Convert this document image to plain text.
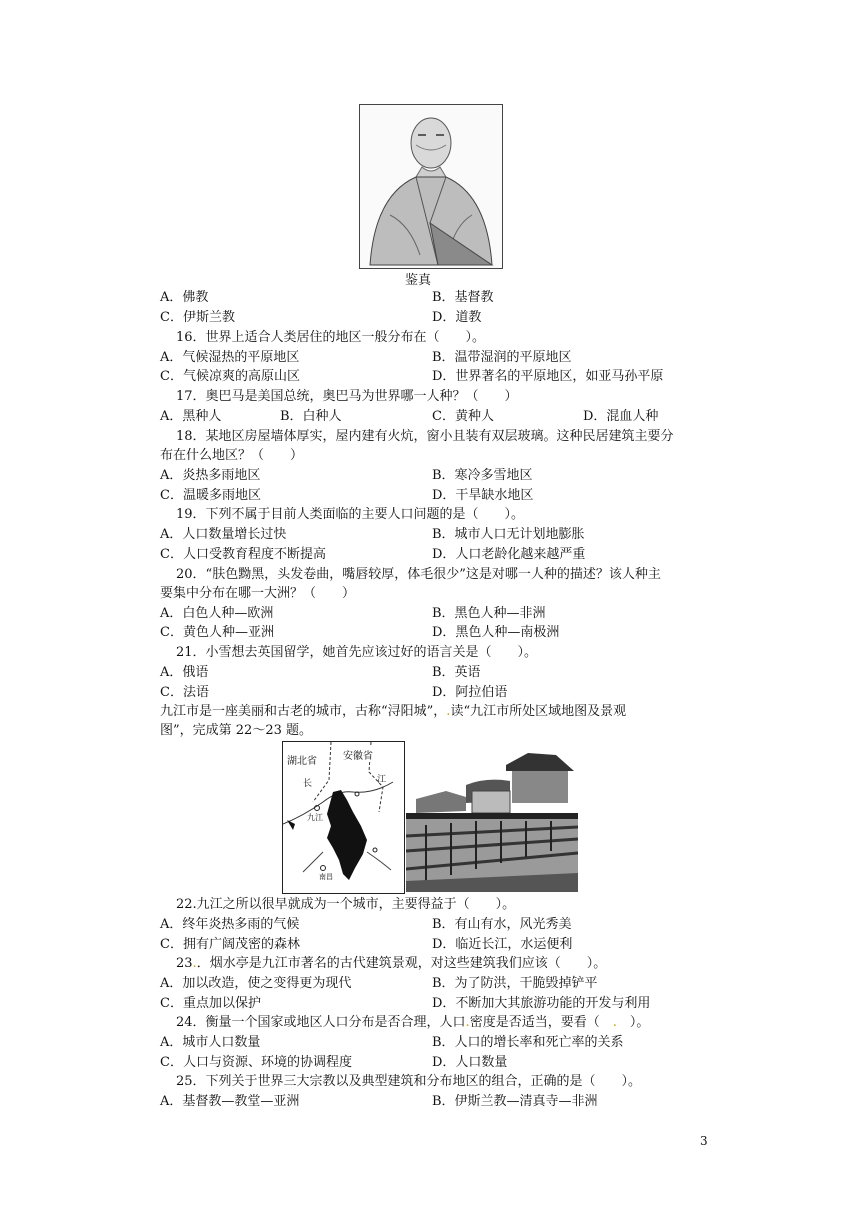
鉴真
A．佛教	B．基督教
C．伊斯兰教	D．道教
16．世界上适合人类居住的地区一般分布在（　　）。
A．气候湿热的平原地区	B．温带湿润的平原地区
C．气候凉爽的高原山区	D．世界著名的平原地区，如亚马孙平原
17．奥巴马是美国总统，奥巴马为世界哪一人种？（　　）
A．黑种人	B．白种人	C．黄种人	D．混血人种
18．某地区房屋墙体厚实，屋内建有火炕，窗小且装有双层玻璃。这种民居建筑主要分
布在什么地区？（　　）
A．炎热多雨地区	B．寒冷多雪地区
C．温暖多雨地区	D．干旱缺水地区
19．下列不属于目前人类面临的主要人口问题的是（　　）。
A．人口数量增长过快	B．城市人口无计划地膨胀
C．人口受教育程度不断提高	D．人口老龄化越来越严重
20．“肤色黝黑，头发卷曲，嘴唇较厚，体毛很少”这是对哪一人种的描述？该人种主
要集中分布在哪一大洲？（　　）
A．白色人种—欧洲	B．黑色人种—非洲
C．黄色人种—亚洲	D．黑色人种—南极洲
21．小雪想去英国留学，她首先应该过好的语言关是（　　）。
A．俄语	B．英语
C．法语	D．阿拉伯语
九江市是一座美丽和古老的城市，古称“浔阳城”，.读“九江市所处区域地图及景观
图”，完成第 22～23 题。
湖北省	安徽省
长	江
九江
南昌
22.九江之所以很早就成为一个城市，主要得益于（　　）。
A．终年炎热多雨的气候	B．有山有水，风光秀美
C．拥有广阔茂密的森林	D．临近长江，水运便利
23.．烟水亭是九江市著名的古代建筑景观，对这些建筑我们应该（　　）。
A．加以改造，使之变得更为现代	B．为了防洪，干脆毁掉铲平
C．重点加以保护	D．不断加大其旅游功能的开发与利用
24．衡量一个国家或地区人口分布是否合理，人口.密度是否适当，要看（　.　）。
A．城市人口数量	B．人口的增长率和死亡率的关系
C．人口与资源、环境的协调程度	D．人口数量
25．下列关于世界三大宗教以及典型建筑和分布地区的组合，正确的是（　　）。
A．基督教—教堂—亚洲	B．伊斯兰教—清真寺—非洲
3
